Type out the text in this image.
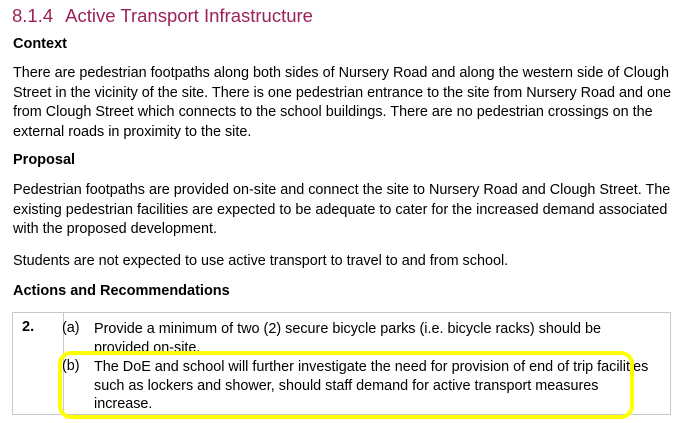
8.1.4 Active Transport Infrastructure
Context
There are pedestrian footpaths along both sides of Nursery Road and along the western side of Clough Street in the vicinity of the site. There is one pedestrian entrance to the site from Nursery Road and one from Clough Street which connects to the school buildings. There are no pedestrian crossings on the external roads in proximity to the site.
Proposal
Pedestrian footpaths are provided on-site and connect the site to Nursery Road and Clough Street. The existing pedestrian facilities are expected to be adequate to cater for the increased demand associated with the proposed development.
Students are not expected to use active transport to travel to and from school.
Actions and Recommendations
2. (a) Provide a minimum of two (2) secure bicycle parks (i.e. bicycle racks) should be provided on-site.
(b) The DoE and school will further investigate the need for provision of end of trip facilities such as lockers and shower, should staff demand for active transport measures increase.
